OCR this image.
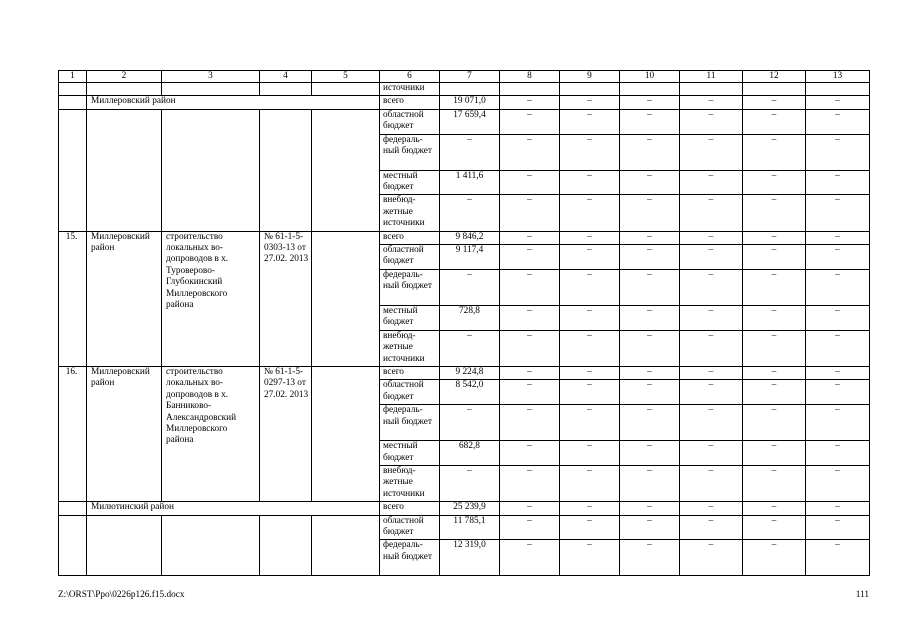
1	2	3	4	5	6	7	8	9	10	11	12	13
					источники							
	Миллеровский район				всего	19 071,0	–	–	–	–	–	–
					областной бюджет	17 659,4	–	–	–	–	–	–
					федераль-ный бюджет	–	–	–	–	–	–	–
					местный бюджет	1 411,6	–	–	–	–	–	–
					внебюд-жетные источники	–	–	–	–	–	–	–
15.	Миллеровский район	строительство локальных во-допроводов в х. Туроверово-Глубокинский Миллеровского района	№ 61-1-5-0303-13 от 27.02. 2013		всего	9 846,2	–	–	–	–	–	–
					областной бюджет	9 117,4	–	–	–	–	–	–
					федераль-ный бюджет	–	–	–	–	–	–	–
					местный бюджет	728,8	–	–	–	–	–	–
					внебюд-жетные источники	–	–	–	–	–	–	–
16.	Миллеровский район	строительство локальных во-допроводов в х. Банниково-Александровский Миллеровского района	№ 61-1-5-0297-13 от 27.02. 2013		всего	9 224,8	–	–	–	–	–	–
					областной бюджет	8 542,0	–	–	–	–	–	–
					федераль-ный бюджет	–	–	–	–	–	–	–
					местный бюджет	682,8	–	–	–	–	–	–
					внебюд-жетные источники	–	–	–	–	–	–	–
	Милютинский район				всего	25 239,9	–	–	–	–	–	–
					областной бюджет	11 785,1	–	–	–	–	–	–
					федераль-ный бюджет	12 319,0	–	–	–	–	–	–
Z:\ORST\Ppo\0226p126.f15.docx	111
